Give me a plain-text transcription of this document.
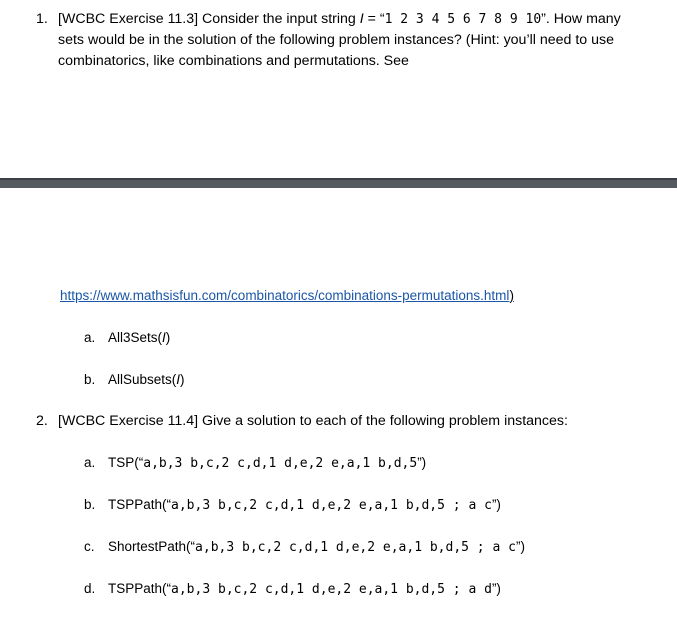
1. [WCBC Exercise 11.3] Consider the input string I = “1 2 3 4 5 6 7 8 9 10”. How many sets would be in the solution of the following problem instances? (Hint: you’ll need to use combinatorics, like combinations and permutations. See
https://www.mathsisfun.com/combinatorics/combinations-permutations.html)
a. All3Sets(I)
b. AllSubsets(I)
2. [WCBC Exercise 11.4] Give a solution to each of the following problem instances:
a. TSP(“a,b,3 b,c,2 c,d,1 d,e,2 e,a,1 b,d,5”)
b. TSPPath(“a,b,3 b,c,2 c,d,1 d,e,2 e,a,1 b,d,5 ; a c”)
c. ShortestPath(“a,b,3 b,c,2 c,d,1 d,e,2 e,a,1 b,d,5 ; a c”)
d. TSPPath(“a,b,3 b,c,2 c,d,1 d,e,2 e,a,1 b,d,5 ; a d”)
